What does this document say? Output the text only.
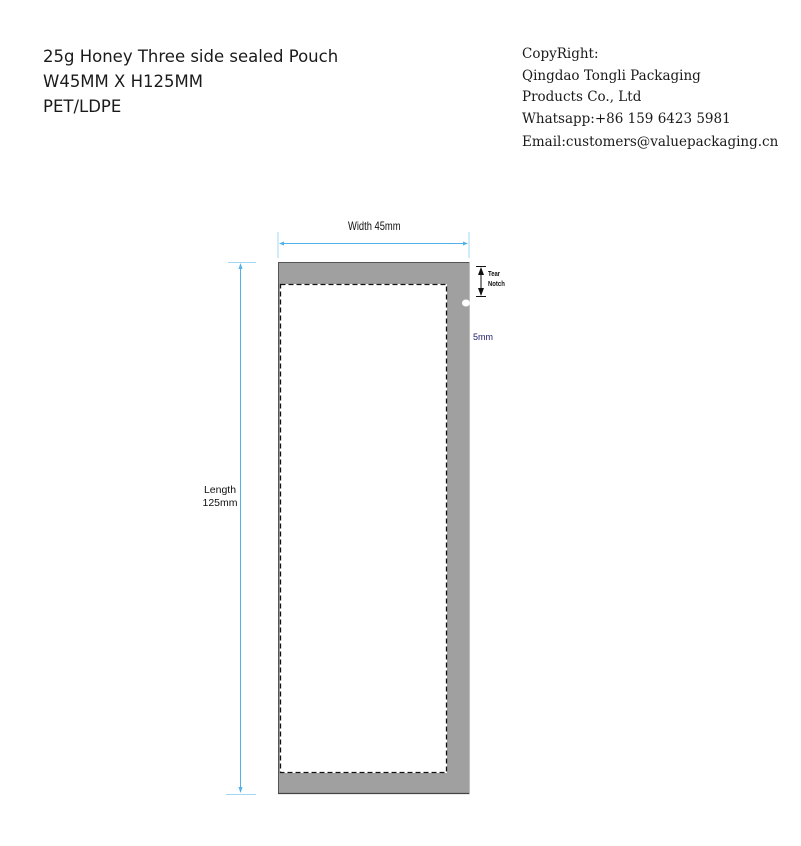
25g Honey Three side sealed Pouch
W45MM X H125MM
PET/LDPE
CopyRight:
Qingdao Tongli Packaging
Products Co., Ltd
Whatsapp:+86 159 6423 5981
Email:customers@valuepackaging.cn
Width 45mm
Length
125mm
Tear
Notch
5mm
